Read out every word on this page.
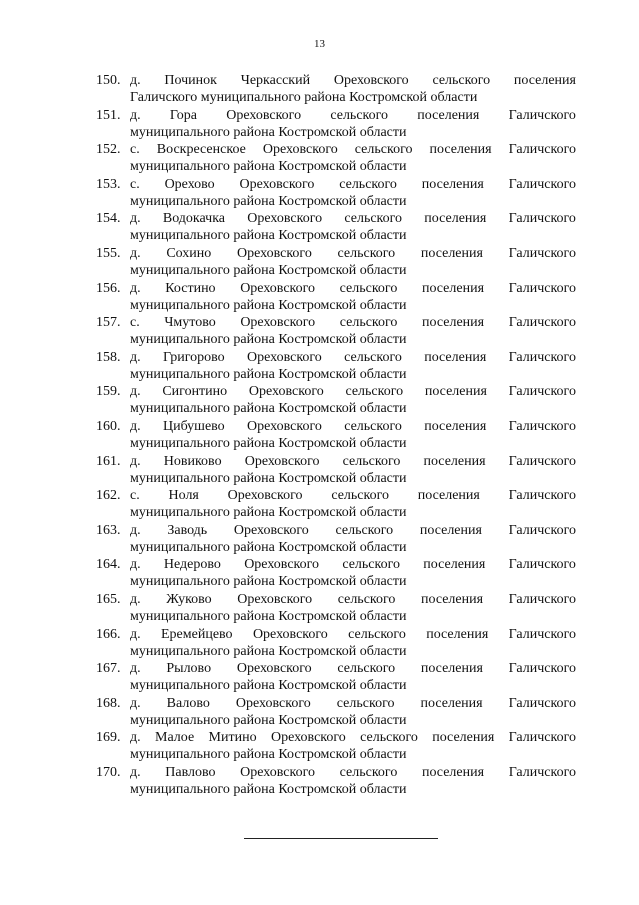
13
150. д. Починок Черкасский Ореховского сельского поселения
Галичского муниципального района Костромской области
151. д. Гора Ореховского сельского поселения Галичского
муниципального района Костромской области
152. с. Воскресенское Ореховского сельского поселения Галичского
муниципального района Костромской области
153. с. Орехово Ореховского сельского поселения Галичского
муниципального района Костромской области
154. д. Водокачка Ореховского сельского поселения Галичского
муниципального района Костромской области
155. д. Сохино Ореховского сельского поселения Галичского
муниципального района Костромской области
156. д. Костино Ореховского сельского поселения Галичского
муниципального района Костромской области
157. с. Чмутово Ореховского сельского поселения Галичского
муниципального района Костромской области
158. д. Григорово Ореховского сельского поселения Галичского
муниципального района Костромской области
159. д. Сигонтино Ореховского сельского поселения Галичского
муниципального района Костромской области
160. д. Цибушево Ореховского сельского поселения Галичского
муниципального района Костромской области
161. д. Новиково Ореховского сельского поселения Галичского
муниципального района Костромской области
162. с. Ноля Ореховского сельского поселения Галичского
муниципального района Костромской области
163. д. Заводь Ореховского сельского поселения Галичского
муниципального района Костромской области
164. д. Недерово Ореховского сельского поселения Галичского
муниципального района Костромской области
165. д. Жуково Ореховского сельского поселения Галичского
муниципального района Костромской области
166. д. Еремейцево Ореховского сельского поселения Галичского
муниципального района Костромской области
167. д. Рылово Ореховского сельского поселения Галичского
муниципального района Костромской области
168. д. Валово Ореховского сельского поселения Галичского
муниципального района Костромской области
169. д. Малое Митино Ореховского сельского поселения Галичского
муниципального района Костромской области
170. д. Павлово Ореховского сельского поселения Галичского
муниципального района Костромской области
